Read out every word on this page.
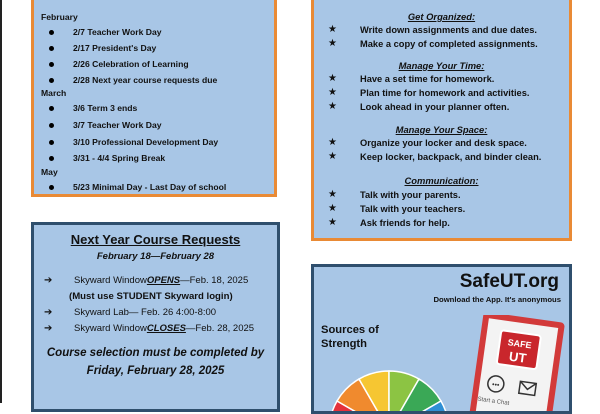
February
2/7 Teacher Work Day
2/17 President's Day
2/26 Celebration of Learning
2/28 Next year course requests due
March
3/6 Term 3 ends
3/7 Teacher Work Day
3/10 Professional Development Day
3/31 - 4/4 Spring Break
May
5/23 Minimal Day - Last Day of school
Get Organized:
★ Write down assignments and due dates.
★ Make a copy of completed assignments.
Manage Your Time:
★ Have a set time for homework.
★ Plan time for homework and activities.
★ Look ahead in your planner often.
Manage Your Space:
★ Organize your locker and desk space.
★ Keep locker, backpack, and binder clean.
Communication:
★ Talk with your parents.
★ Talk with your teachers.
★ Ask friends for help.
Next Year Course Requests
February 18—February 28
➔	Skyward Window OPENS —Feb. 18, 2025
(Must use STUDENT Skyward login)
➔	Skyward Lab— Feb. 26 4:00-8:00
➔	Skyward Window CLOSES —Feb. 28, 2025
Course selection must be completed by
Friday, February 28, 2025
SafeUT.org
Download the App. It's anonymous
Sources of
Strength	SAFE
UT
•••
Start a Chat
